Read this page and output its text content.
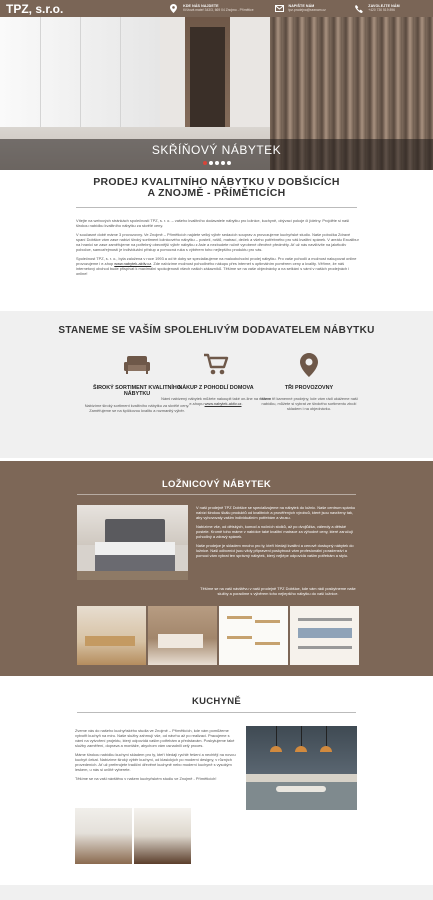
TPZ, s.r.o.	KDE NÁS NAJDETE
Křížová mateř 343/3, 669 04 Znojmo - Přímětice
NAPIŠTE NÁM
tpz.prodejna@seznam.cz
ZAVOLEJTE NÁM
+420 730 519 896
SKŘÍŇOVÝ NÁBYTEK
PRODEJ KVALITNÍHO NÁBYTKU V DOBŠICÍCH
A ZNOJMĚ - PŘÍMĚTICÍCH

Vítejte na webových stránkách společnosti TPZ, s. r. o. – vašeho kvalitního dodavatele nábytku pro ložnice, kuchyně, obývací pokoje či jídelny. Projděte si naši širokou nabídku kvalitního nábytku za skvělé ceny.

V současné době máme 3 provozovny. Ve Znojmě – Příměticích najdete velký výběr sedacích souprav a provozujeme kuchyňské studio. Naše pobočka Zdravé spaní Dobšice vám zase nabízí široký sortiment ložnicového nábytku – postelí, roštů, matrací, deček a všeho potřebného pro váš kvalitní spánek. V areálu Excalibur na hranici se zase zaměřujeme na potřebný obecnější výběr nábytku z Asie a nezbudete ručně vyrobené dřevěné předměty. Ať už nás navštívíte na jakékoliv pobočce, samozřejmostí je individuální přístup a pomocná ruka s výběrem toho nejlepšího produktu pro vás.

Společnost TPZ, s. r. o., byla založena v roce 1993 a od té doby se specializujeme na maloobchodní prodej nábytku. Pro vaše pohodlí a možnost nakupovat online provozujeme i e-shop www.nabytek-aktiv.cz. Zde nabízíme možnost pohodlného nákupu přes internet s optimálním poměrem ceny a kvality. Věříme, že náš internetový obchod bude přispívat k maximální spokojenosti všech našich zákazníků. Těšíme se na vaše objednávky a na setkání s vámi v našich prodejnách i online!

STANEME SE VAŠÍM SPOLEHLIVÝM DODAVATELEM NÁBYTKU
ŠIROKÝ SORTIMENT KVALITNÍHO NÁBYTKU
Nabízíme široký sortiment kvalitního nábytku za skvělé ceny. Zaměřujeme se na špičkovou kvalitu a rozmanitý výběr.
NÁKUP Z POHODLÍ DOMOVA
Námi nabízený nábytek můžete nakoupit také on-line na našem e-shopu www.nabytek-aktiv.cz.
TŘI PROVOZOVNY
Máme tři kamenné prodejny, kde vám rádi ukážeme naši nabídku, můžete si vybrat ze širokého sortimentu zboží skladem i na objednávku.
LOŽNICOVÝ NÁBYTEK

V naší prodejně TPZ Dobšice se specializujeme na nábytek do ložnic. Naše centrum spánku nabízí širokou škálu produktů od kvalitních a prověřených výrobců, které jsou navrženy tak, aby vyhovovaly vašim individuálním potřebám a vkusu.

Nabízíme vše, od dětských, komod a nočních stolků, až po dvojlůžka, válendy a dětské postele. Kromě toho máme v nabídce také kvalitní matrace za výhodné ceny, které zaručují pohodlný a zdravý spánek.

Naše prodejce je skladem mnoho pro ty, kteří hledají kvalitní a cenově dostupný nábytek do ložnice. Naši odborníci jsou vždy připraveni poskytnout vám profesionální poradenství a pomoci vám vybrat ten správný nábytek, který nejlépe odpovídá vašim potřebám a stylu.

Těšíme se na vaši návštěvu v naší prodejně TPZ Dobšice, kde vám rádi poskytneme naše služby a poradíme s výběrem toho nejlepšího nábytku do vaší ložnice.

KUCHYNĚ

Zveme vás do našeho kuchyňského studia ve Znojmě – Příměticích, kde vám pomůžeme vytvořit kuchyň na míru. Naše služby zahrnují vše, od návrhu až po realizaci. Pracujeme s vámi na vytvoření projektu, který odpovídá vašim potřebám a představám. Poskytujeme také služby zaměření, doprava a montáže, abychom vám usnadnili celý proces.

Máme širokou nabídku kuchyní skladem pro ty, kteří hledají rychlé řešení a nechtějí na novou kuchyň čekat. Nabízíme široký výběr kuchyní, od klasických po moderní designy, v různých provedeních. Ať už preferujete tradiční dřevěné kuchyně nebo moderní kuchyně s vysokým leskem, u nás si určitě vyberete.

Těšíme se na vaši návštěvu v našem kuchyňském studiu ve Znojmě - Příměticích!
